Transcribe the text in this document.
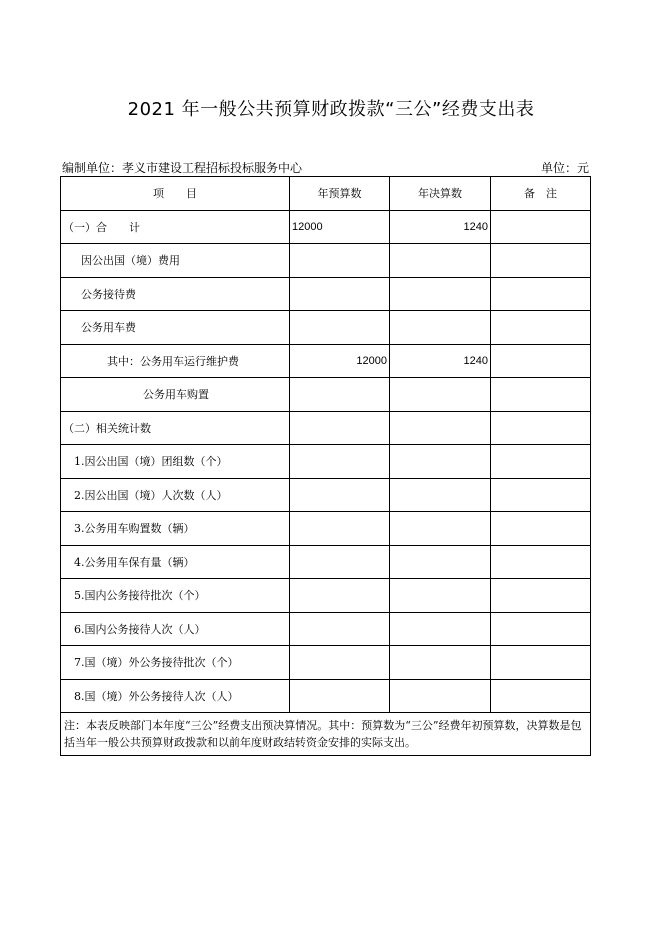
2021 年一般公共预算财政拨款“三公”经费支出表
编制单位：孝义市建设工程招标投标服务中心	单位：元
项　　目	年预算数	年决算数	备　注
（一）合　　计	12000	1240	
因公出国（境）费用			
公务接待费			
公务用车费			
其中：公务用车运行维护费	12000	1240	
公务用车购置			
（二）相关统计数			
1.因公出国（境）团组数（个）			
2.因公出国（境）人次数（人）			
3.公务用车购置数（辆）			
4.公务用车保有量（辆）			
5.国内公务接待批次（个）			
6.国内公务接待人次（人）			
7.国（境）外公务接待批次（个）			
8.国（境）外公务接待人次（人）			
注：本表反映部门本年度“三公”经费支出预决算情况。其中：预算数为“三公”经费年初预算数，决算数是包括当年一般公共预算财政拨款和以前年度财政结转资金安排的实际支出。			
